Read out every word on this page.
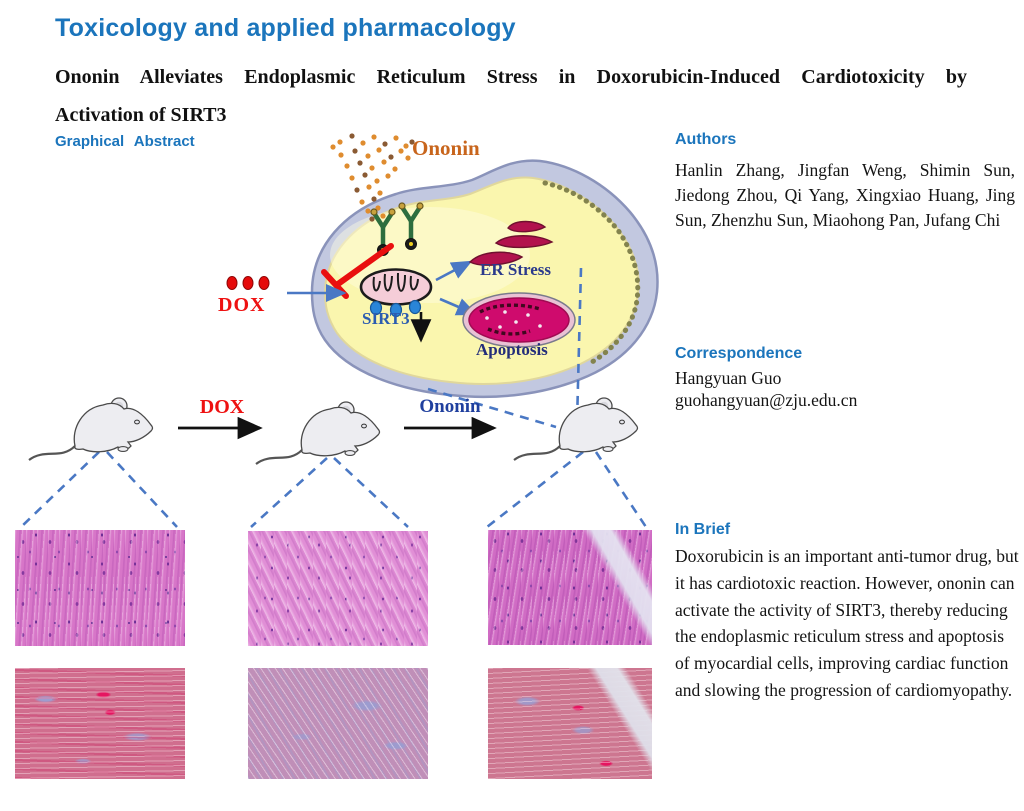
Toxicology and applied pharmacology
Ononin Alleviates Endoplasmic Reticulum Stress in Doxorubicin-Induced Cardiotoxicity by
Activation of SIRT3
Graphical Abstract	Ononin
DOX
SIRT3
ER Stress
Apoptosis
DOX	Ononin
Authors
Hanlin Zhang, Jingfan Weng, Shimin Sun, Jiedong Zhou, Qi Yang, Xingxiao Huang, Jing Sun, Zhenzhu Sun, Miaohong Pan, Jufang Chi
Correspondence
Hangyuan Guo
guohangyuan@zju.edu.cn
In Brief
Doxorubicin is an important anti-tumor drug, but it has cardiotoxic reaction. However, ononin can activate the activity of SIRT3, thereby reducing the endoplasmic reticulum stress and apoptosis of myocardial cells, improving cardiac function and slowing the progression of cardiomyopathy.
